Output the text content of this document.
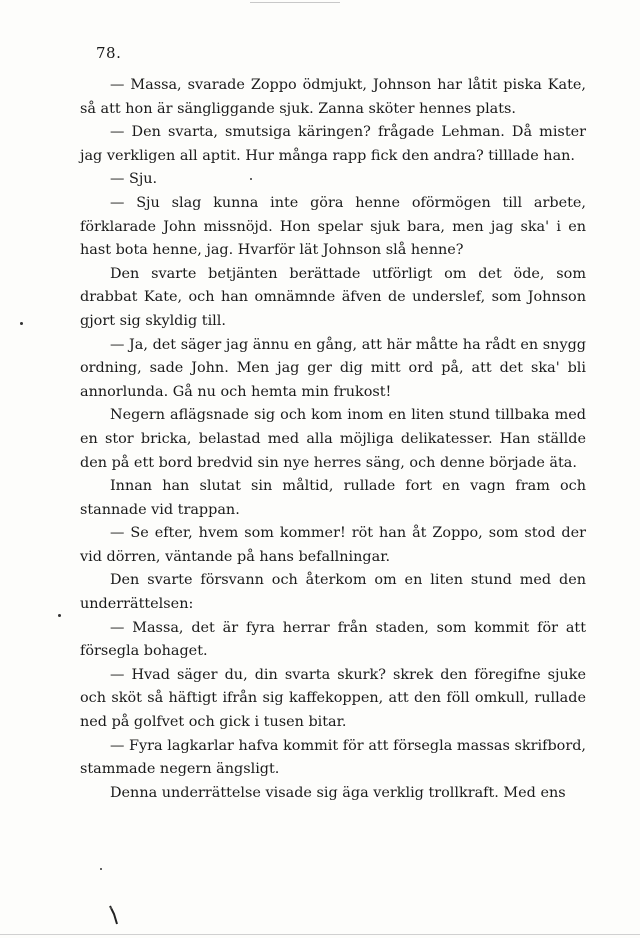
78.

— Massa, svarade Zoppo ödmjukt, Johnson har låtit piska Kate, så att hon är sängliggande sjuk. Zanna sköter hennes plats.

— Den svarta, smutsiga käringen? frågade Lehman. Då mister jag verkligen all aptit. Hur många rapp fick den andra? tilllade han.

— Sju.

— Sju slag kunna inte göra henne oförmögen till arbete, förklarade John missnöjd. Hon spelar sjuk bara, men jag ska' i en hast bota henne, jag. Hvarför lät Johnson slå henne?

Den svarte betjänten berättade utförligt om det öde, som drabbat Kate, och han omnämnde äfven de underslef, som Johnson gjort sig skyldig till.

— Ja, det säger jag ännu en gång, att här måtte ha rådt en snygg ordning, sade John. Men jag ger dig mitt ord på, att det ska' bli annorlunda. Gå nu och hemta min frukost!

Negern aflägsnade sig och kom inom en liten stund tillbaka med en stor bricka, belastad med alla möjliga delikatesser. Han ställde den på ett bord bredvid sin nye herres säng, och denne började äta.

Innan han slutat sin måltid, rullade fort en vagn fram och stannade vid trappan.

— Se efter, hvem som kommer! röt han åt Zoppo, som stod der vid dörren, väntande på hans befallningar.

Den svarte försvann och återkom om en liten stund med den underrättelsen:

— Massa, det är fyra herrar från staden, som kommit för att försegla bohaget.

— Hvad säger du, din svarta skurk? skrek den föregifne sjuke och sköt så häftigt ifrån sig kaffekoppen, att den föll omkull, rullade ned på golfvet och gick i tusen bitar.

— Fyra lagkarlar hafva kommit för att försegla massas skrifbord, stammade negern ängsligt.

Denna underrättelse visade sig äga verklig trollkraft. Med ens
